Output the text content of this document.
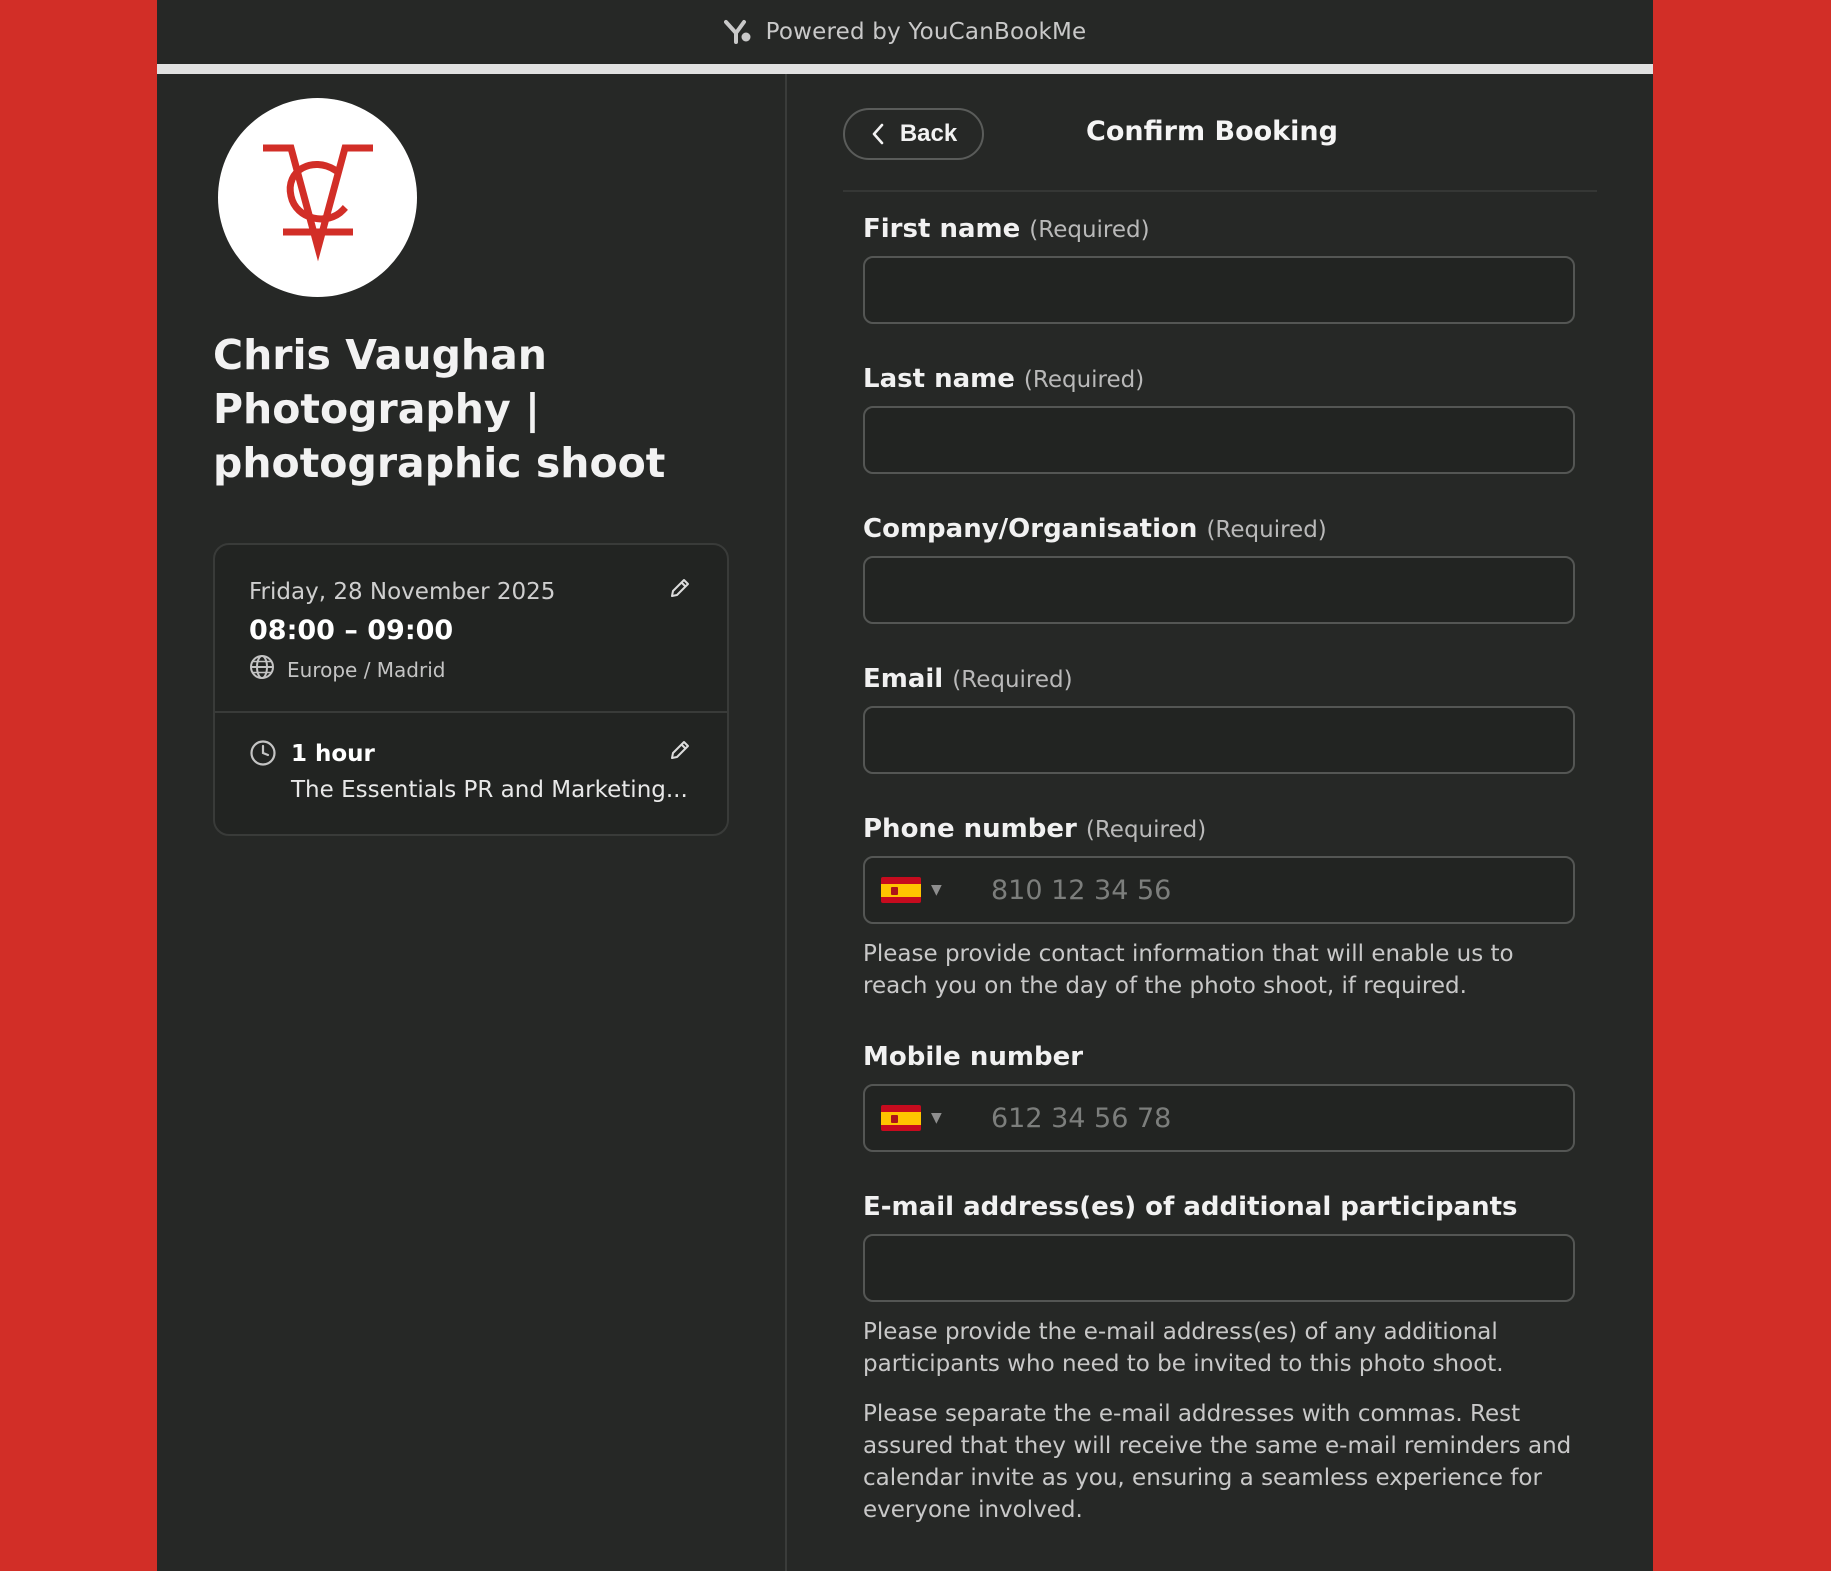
Powered by YouCanBookMe
Chris Vaughan Photography | photographic shoot
Friday, 28 November 2025
08:00 – 09:00
Europe / Madrid
1 hour
The Essentials PR and Marketing...
Back	Confirm Booking
First name (Required)
Last name (Required)
Company/Organisation (Required)
Email (Required)
Phone number (Required)
▼
810 12 34 56

Please provide contact information that will enable us to reach you on the day of the photo shoot, if required.

Mobile number
▼
612 34 56 78
E-mail address(es) of additional participants

Please provide the e-mail address(es) of any additional participants who need to be invited to this photo shoot.

Please separate the e-mail addresses with commas. Rest assured that they will receive the same e-mail reminders and calendar invite as you, ensuring a seamless experience for everyone involved.
